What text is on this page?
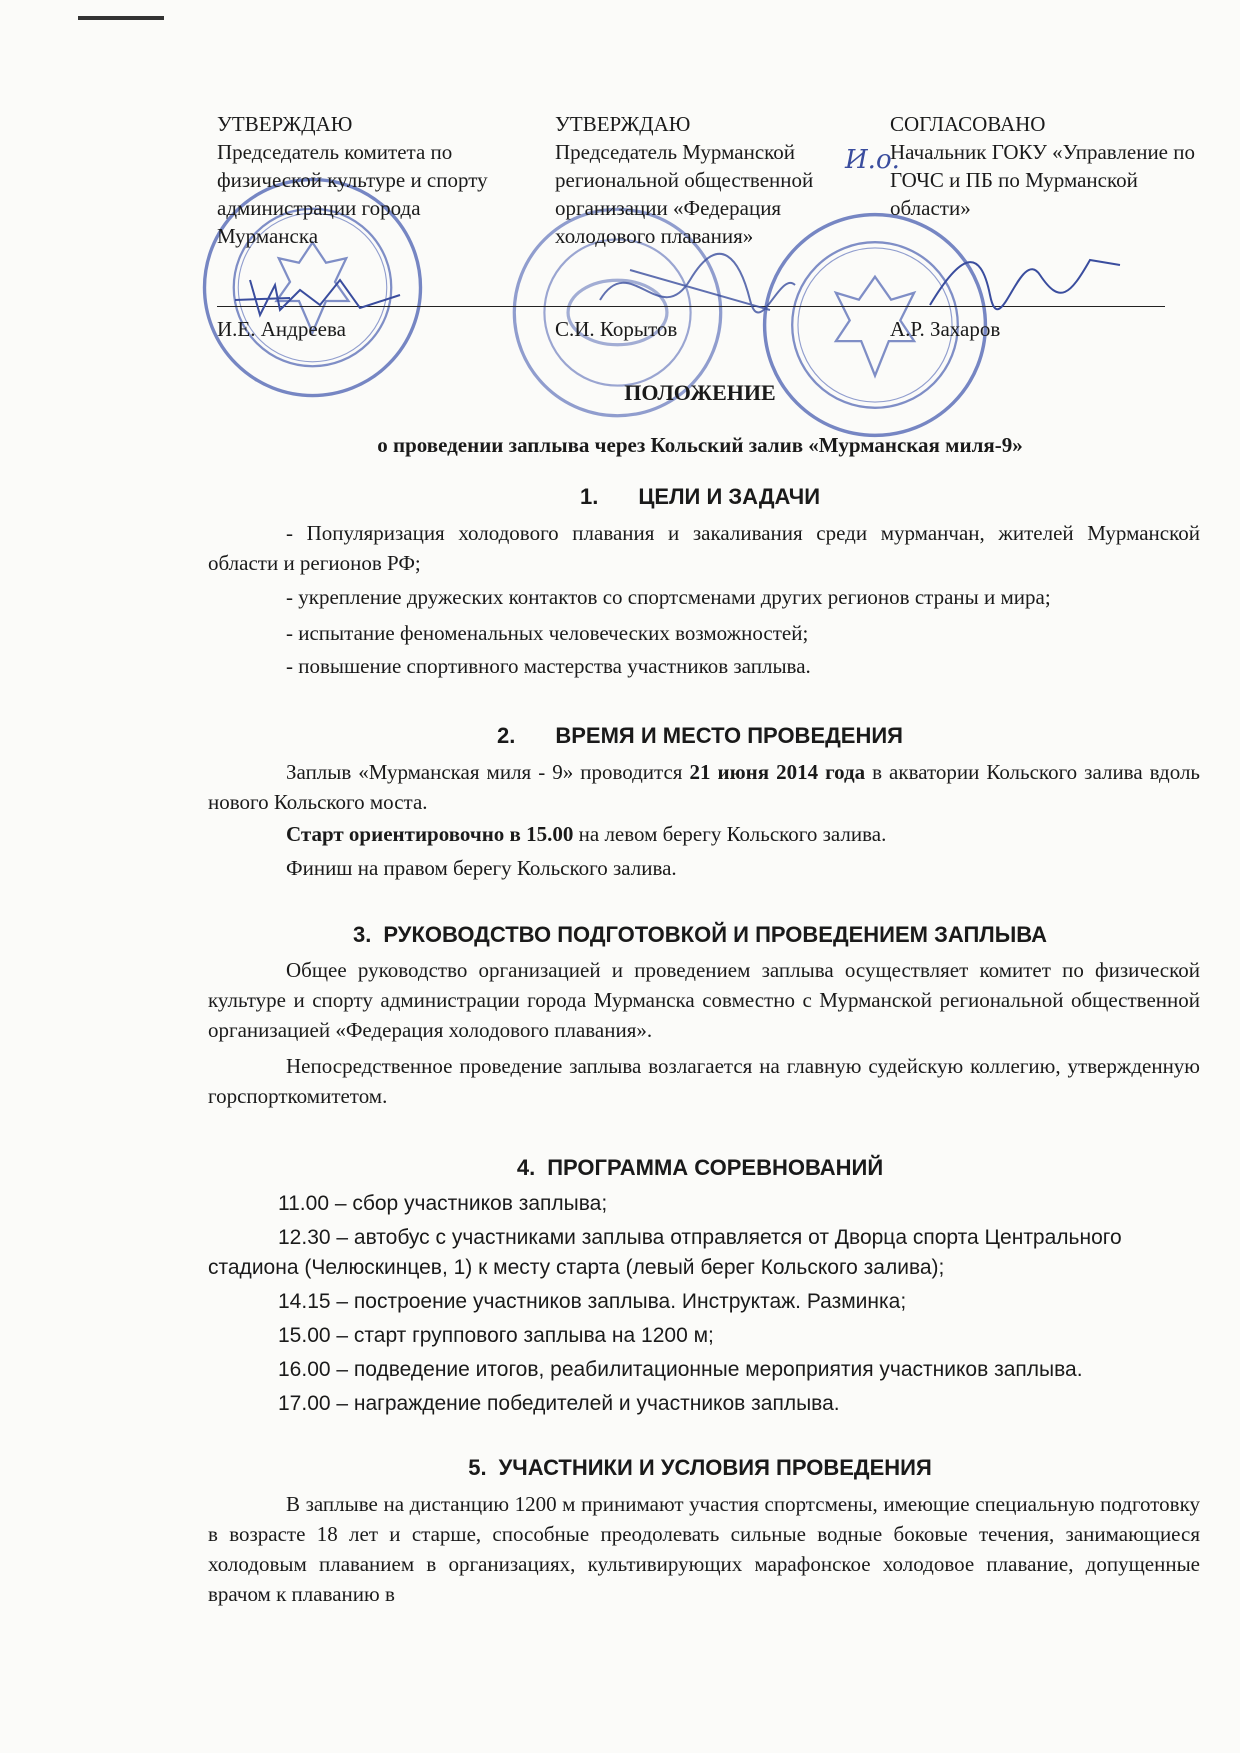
УТВЕРЖДАЮ
Председатель комитета по физической культуре и спорту администрации города Мурманска
И.Е. Андреева
УТВЕРЖДАЮ
Председатель Мурманской региональной общественной организации «Федерация холодового плавания»
С.И. Корытов
СОГЛАСОВАНО
Начальник ГОКУ «Управление по ГОЧС и ПБ по Мурманской области»
А.Р. Захаров
И.о.
ПОЛОЖЕНИЕ
о проведении заплыва через Кольский залив «Мурманская миля-9»
1. ЦЕЛИ И ЗАДАЧИ
- Популяризация холодового плавания и закаливания среди мурманчан, жителей Мурманской области и регионов РФ;
- укрепление дружеских контактов со спортсменами других регионов страны и мира;
- испытание феноменальных человеческих возможностей;
- повышение спортивного мастерства участников заплыва.
2. ВРЕМЯ И МЕСТО ПРОВЕДЕНИЯ
Заплыв «Мурманская миля - 9» проводится 21 июня 2014 года в акватории Кольского залива вдоль нового Кольского моста.
Старт ориентировочно в 15.00 на левом берегу Кольского залива.
Финиш на правом берегу Кольского залива.
3. РУКОВОДСТВО ПОДГОТОВКОЙ И ПРОВЕДЕНИЕМ ЗАПЛЫВА
Общее руководство организацией и проведением заплыва осуществляет комитет по физической культуре и спорту администрации города Мурманска совместно с Мурманской региональной общественной организацией «Федерация холодового плавания».
Непосредственное проведение заплыва возлагается на главную судейскую коллегию, утвержденную горспорткомитетом.
4. ПРОГРАММА СОРЕВНОВАНИЙ
11.00 – сбор участников заплыва;
12.30 – автобус с участниками заплыва отправляется от Дворца спорта Центрального стадиона (Челюскинцев, 1) к месту старта (левый берег Кольского залива);
14.15 – построение участников заплыва. Инструктаж. Разминка;
15.00 – старт группового заплыва на 1200 м;
16.00 – подведение итогов, реабилитационные мероприятия участников заплыва.
17.00 – награждение победителей и участников заплыва.
5. УЧАСТНИКИ И УСЛОВИЯ ПРОВЕДЕНИЯ
В заплыве на дистанцию 1200 м принимают участия спортсмены, имеющие специальную подготовку в возрасте 18 лет и старше, способные преодолевать сильные водные боковые течения, занимающиеся холодовым плаванием в организациях, культивирующих марафонское холодовое плавание, допущенные врачом к плаванию в
